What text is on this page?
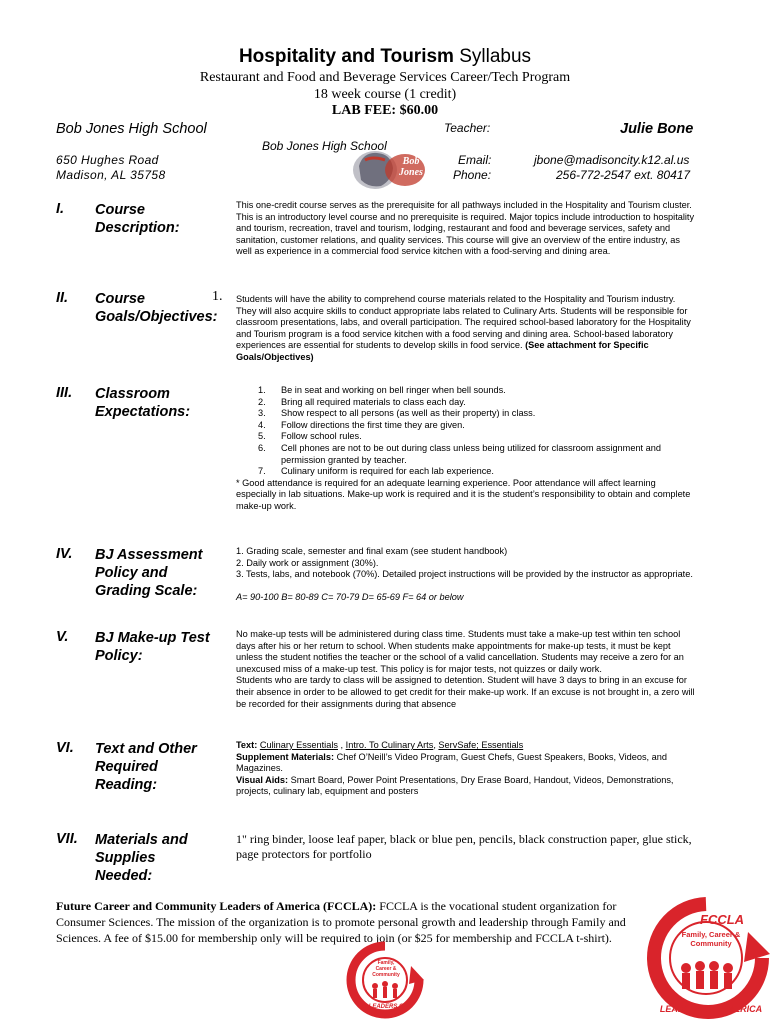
Hospitality and Tourism Syllabus
Restaurant and Food and Beverage Services Career/Tech Program
18 week course (1 credit)
LAB FEE: $60.00
Bob Jones High School
650 Hughes Road
Madison, AL 35758
Bob Jones High School
Bob Jones
Teacher:	Julie Bone
Email:
Phone:
jbone@madisoncity.k12.al.us
256-772-2547 ext. 80417
I. Course
Description:
This one-credit course serves as the prerequisite for all pathways included in the Hospitality and Tourism cluster. This is an introductory level course and no prerequisite is required. Major topics include introduction to hospitality and tourism, recreation, travel and tourism, lodging, restaurant and food and beverage services, safety and sanitation, customer relations, and quality services. This course will give an overview of the entire industry, as well as experience in a commercial food service kitchen with a food-serving and dining area.
II. Course
Goals/Objectives:
1. Students will have the ability to comprehend course materials related to the Hospitality and Tourism industry. They will also acquire skills to conduct appropriate labs related to Culinary Arts. Students will be responsible for classroom presentations, labs, and overall participation. The required school-based laboratory for the Hospitality and Tourism program is a food service kitchen with a food serving and dining area. School-based laboratory experiences are essential for students to develop skills in food service. (See attachment for Specific Goals/Objectives)
III. Classroom
Expectations:
1. Be in seat and working on bell ringer when bell sounds.
2. Bring all required materials to class each day.
3. Show respect to all persons (as well as their property) in class.
4. Follow directions the first time they are given.
5. Follow school rules.
6. Cell phones are not to be out during class unless being utilized for classroom assignment and permission granted by teacher.
7. Culinary uniform is required for each lab experience.
* Good attendance is required for an adequate learning experience. Poor attendance will affect learning especially in lab situations. Make-up work is required and it is the student’s responsibility to obtain and complete make-up work.
IV. BJ Assessment
Policy and
Grading Scale:
1. Grading scale, semester and final exam (see student handbook)
2. Daily work or assignment (30%).
3. Tests, labs, and notebook (70%). Detailed project instructions will be provided by the instructor as appropriate.
A= 90-100 B= 80-89 C= 70-79 D= 65-69 F= 64 or below
V. BJ Make-up Test
Policy:
No make-up tests will be administered during class time. Students must take a make-up test within ten school days after his or her return to school. When students make appointments for make-up tests, it must be kept unless the student notifies the teacher or the school of a valid cancellation. Students may receive a zero for an unexcused miss of a make-up test. This policy is for major tests, not quizzes or daily work.
Students who are tardy to class will be assigned to detention. Student will have 3 days to bring in an excuse for their absence in order to be allowed to get credit for their make-up work. If an excuse is not brought in, a zero will be recorded for their assignments during that absence
VI. Text and Other
Required
Reading:
Text: Culinary Essentials , Intro. To Culinary Arts, ServSafe; Essentials
Supplement Materials: Chef O’Neill’s Video Program, Guest Chefs, Guest Speakers, Books, Videos, and Magazines.
Visual Aids: Smart Board, Power Point Presentations, Dry Erase Board, Handout, Videos, Demonstrations, projects, culinary lab, equipment and posters
VII. Materials and
Supplies
Needed:
1" ring binder, loose leaf paper, black or blue pen, pencils, black construction paper, glue stick, page protectors for portfolio
Future Career and Community Leaders of America (FCCLA): FCCLA is the vocational student organization for
Consumer Sciences. The mission of the organization is to promote personal growth and leadership through Family and
Sciences. A fee of $15.00 for membership only will be required to join (or $25 for membership and FCCLA t-shirt).
Family, Career & Community
LEADERS OF AMERICA
FCCLA
Family, Career & Community
LEADERS OF AMERICA
